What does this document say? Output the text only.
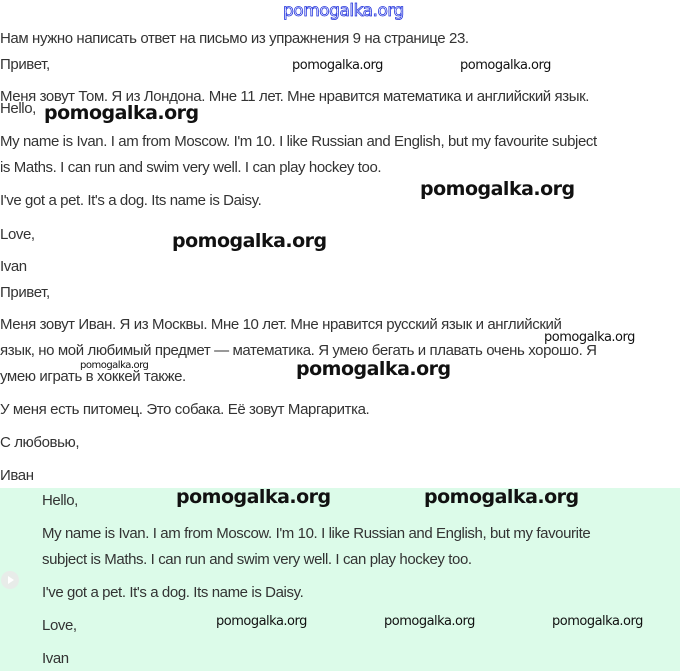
pomogalka.org
Нам нужно написать ответ на письмо из упражнения 9 на странице 23.
Привет,	pomogalka.org	pomogalka.org
Меня зовут Том. Я из Лондона. Мне 11 лет. Мне нравится математика и английский язык.
Hello, pomogalka.org
My name is Ivan. I am from Moscow. I'm 10. I like Russian and English, but my favourite subject
is Maths. I can run and swim very well. I can play hockey too.
pomogalka.org
I've got a pet. It's a dog. Its name is Daisy.
Love,	pomogalka.org
Ivan
Привет,
Меня зовут Иван. Я из Москвы. Мне 10 лет. Мне нравится русский язык и английский
pomogalka.org
язык, но мой любимый предмет — математика. Я умею бегать и плавать очень хорошо. Я
pomogalka.org
умею играть в хоккей также.	pomogalka.org
У меня есть питомец. Это собака. Её зовут Маргаритка.
С любовью,
Иван
Hello,	pomogalka.org	pomogalka.org
My name is Ivan. I am from Moscow. I'm 10. I like Russian and English, but my favourite
subject is Maths. I can run and swim very well. I can play hockey too.
I've got a pet. It's a dog. Its name is Daisy.
Love,	pomogalka.org	pomogalka.org	pomogalka.org
Ivan
